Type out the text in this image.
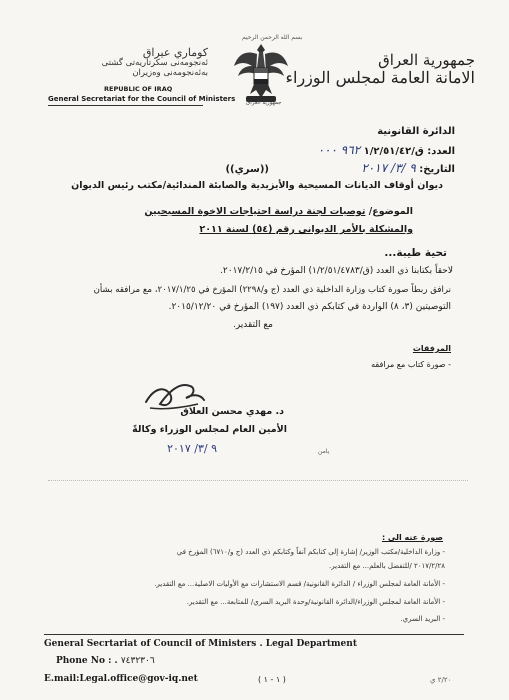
جمهورية العراق
الامانة العامة لمجلس الوزراء
كوماري عيراق
ئه‌نجومه‌نى سكرتاريه‌تى گشتى
به‌ئه‌نجومه‌نى وه‌زيران
REPUBLIC OF IRAQ
General Secretariat for the Council of Ministers
بسم الله الرحمن الرحيم
جمهورية العراق
الدائرة القانونية
العدد: ق/١/٢/٥١/٤٢ ٩٦٢ ٠٠٠
التاريخ: ٩ /٣/ ٢٠١٧
((سري))
ديوان أوقاف الديانات المسيحية والأيزيدية والصابئة المندائية/مكتب رئيس الديوان
الموضوع/ توصيات لجنة دراسة احتياجات الاخوة المسيحيين
والمشكلة بالأمر الديواني رقم (٥٤) لسنة ٢٠١١
تحية طيبة...
لاحقاً بكتابنا ذي العدد (ق/١/٢/٥١/٤٧٨٣) المؤرخ في ٢٠١٧/٢/١٥.
نرافق ربطاً صورة كتاب وزارة الداخلية ذي العدد (ج و/٢٢٩٨) المؤرخ في ٢٠١٧/١/٢٥، مع مرافقه بشأن
التوصيتين (٣، ٨) الواردة في كتابكم ذي العدد (١٩٧) المؤرخ في ٢٠١٥/١٢/٢٠.
مع التقدير.
المرفقات
- صورة كتاب مع مرافقه
د. مهدي محسن العلاق
الأمين العام لمجلس الوزراء وكالةً
٩ /٣/ ٢٠١٧	يامن
صورة عنه الى :
- وزارة الداخلية/مكتب الوزير/ إشارة إلى كتابكم آنفاً وكتابكم ذي العدد (ج و/٦٧١٠) المؤرخ في
٢٠١٧/٢/٢٨ /للتفضل بالعلم... مع التقدير.
- الأمانة العامة لمجلس الوزراء / الدائرة القانونية/ قسم الاستشارات مع الأوليات الاصلية... مع التقدير.
- الأمانة العامة لمجلس الوزراء/الدائرة القانونية/وحدة البريد السري/ للمتابعة... مع التقدير.
- البريد السري.
General Secrtariat of Council of Ministers . Legal Department
Phone No : . ٧٤٣٢٣٠٦
E.mail:Legal.office@gov-iq.net	( ١ - ١ )	٢/٢٠ ي
